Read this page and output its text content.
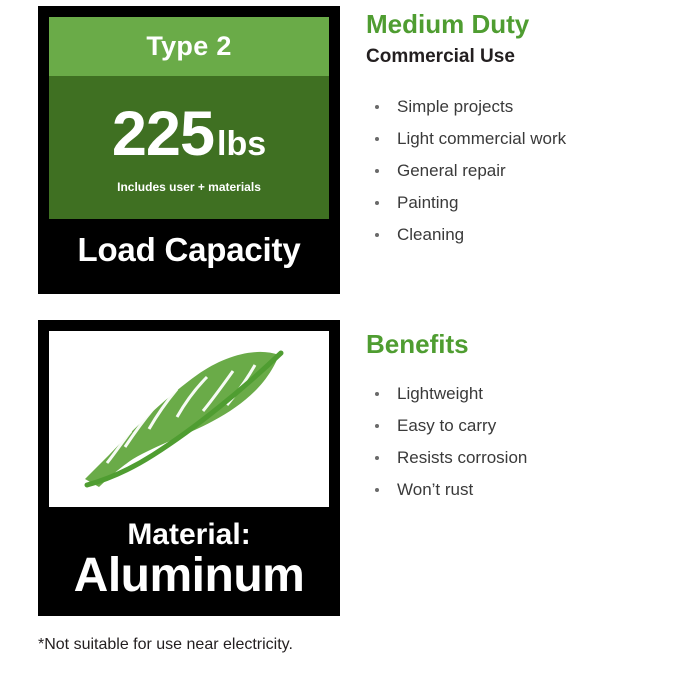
Type 2
225 lbs
Includes user + materials
Load Capacity
Material:
Aluminum
*Not suitable for use near electricity.
Medium Duty

Commercial Use

Simple projects
Light commercial work
General repair
Painting
Cleaning
Benefits
Lightweight
Easy to carry
Resists corrosion
Won’t rust
